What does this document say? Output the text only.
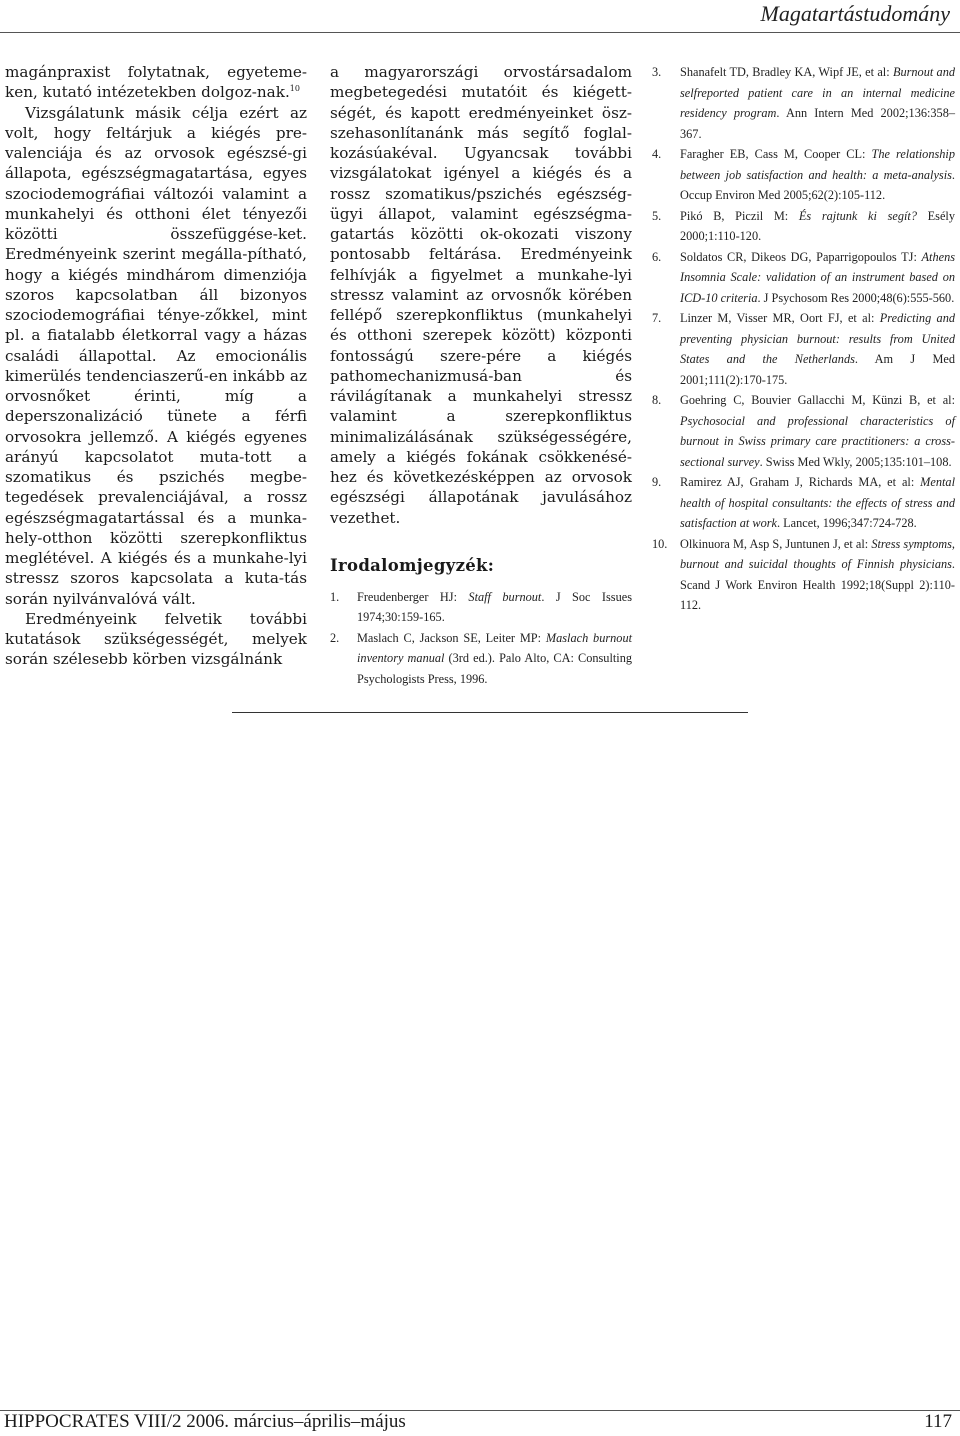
Magatartástudomány

magánpraxist folytatnak, egyeteme-ken, kutató intézetekben dolgoz-nak.$^{10}$

Vizsgálatunk másik célja ezért az volt, hogy feltárjuk a kiégés pre-valenciája és az orvosok egészsé-gi állapota, egészségmagatartása, egyes szociodemográfiai változói valamint a munkahelyi és otthoni élet tényezői közötti összefüggése-ket. Eredményeink szerint megálla-pítható, hogy a kiégés mindhárom dimenziója szoros kapcsolatban áll bizonyos szociodemográfiai ténye-zőkkel, mint pl. a fiatalabb életkorral vagy a házas családi állapottal. Az emocionális kimerülés tendenciaszerű-en inkább az orvosnőket érinti, míg a deperszonalizáció tünete a férfi orvosokra jellemző. A kiégés egyenes arányú kapcsolatot muta-tott a szomatikus és pszichés megbe-tegedések prevalenciájával, a rossz egészségmagatartással és a munka-hely-otthon közötti szerepkonfliktus meglétével. A kiégés és a munkahe-lyi stressz szoros kapcsolata a kuta-tás során nyilvánvalóvá vált.

Eredményeink felvetik további kutatások szükségességét, melyek során szélesebb körben vizsgálnánk

a magyarországi orvostársadalom megbetegedési mutatóit és kiégett-ségét, és kapott eredményeinket ösz-szehasonlítanánk más segítő foglal-kozásúakéval. Ugyancsak további vizsgálatokat igényel a kiégés és a rossz szomatikus/pszichés egészség-ügyi állapot, valamint egészségma-gatartás közötti ok-okozati viszony pontosabb feltárása. Eredményeink felhívják a figyelmet a munkahe-lyi stressz valamint az orvosnők körében fellépő szerepkonfliktus (munkahelyi és otthoni szerepek között) központi fontosságú szere-pére a kiégés pathomechanizmusá-ban és rávilágítanak a munkahelyi stressz valamint a szerepkonfliktus minimalizálásának szükségességére, amely a kiégés fokának csökkenésé-hez és következésképpen az orvosok egészségi állapotának javulásához vezethet.

Irodalomjegyzék:
1. Freudenberger HJ: Staff burnout. J Soc Issues 1974;30:159-165.
2. Maslach C, Jackson SE, Leiter MP: Maslach burnout inventory manual (3rd ed.). Palo Alto, CA: Consulting Psychologists Press, 1996.
3. Shanafelt TD, Bradley KA, Wipf JE, et al: Burnout and selfreported patient care in an internal medicine residency program. Ann Intern Med 2002;136:358–367.
4. Faragher EB, Cass M, Cooper CL: The relationship between job satisfaction and health: a meta-analysis. Occup Environ Med 2005;62(2):105-112.
5. Pikó B, Piczil M: És rajtunk ki segít? Esély 2000;1:110-120.
6. Soldatos CR, Dikeos DG, Paparrigopoulos TJ: Athens Insomnia Scale: validation of an instrument based on ICD-10 criteria. J Psychosom Res 2000;48(6):555-560.
7. Linzer M, Visser MR, Oort FJ, et al: Predicting and preventing physician burnout: results from United States and the Netherlands. Am J Med 2001;111(2):170-175.
8. Goehring C, Bouvier Gallacchi M, Künzi B, et al: Psychosocial and professional characteristics of burnout in Swiss primary care practitioners: a cross-sectional survey. Swiss Med Wkly, 2005;135:101–108.
9. Ramirez AJ, Graham J, Richards MA, et al: Mental health of hospital consultants: the effects of stress and satisfaction at work. Lancet, 1996;347:724-728.
10. Olkinuora M, Asp S, Juntunen J, et al: Stress symptoms, burnout and suicidal thoughts of Finnish physicians. Scand J Work Environ Health 1992;18(Suppl 2):110-112.
HIPPOCRATES VIII/2 2006. március–április–május	117
